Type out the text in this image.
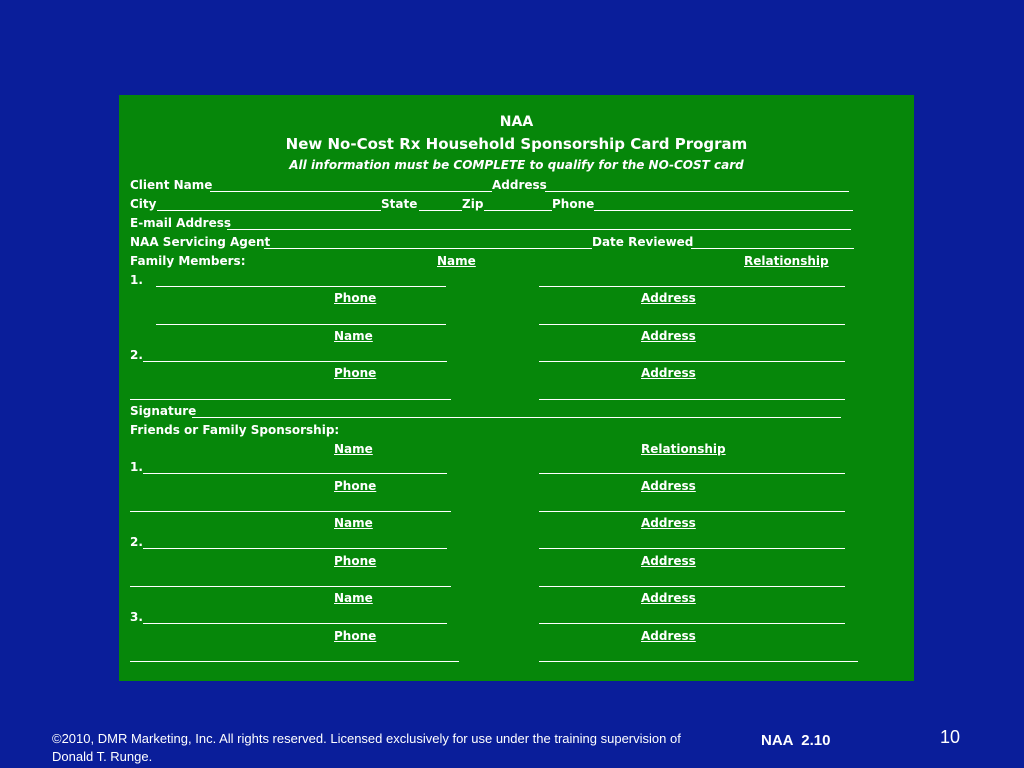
NAA
New No-Cost Rx Household Sponsorship Card Program
All information must be COMPLETE to qualify for the NO-COST card
Client Name	Address
City	State	Zip	Phone
E-mail Address
NAA Servicing Agent	Date Reviewed
Family Members:	Name	Relationship
1.
Phone	Address
Name	Address
2.
Phone	Address
Signature
Friends or Family Sponsorship:
Name	Relationship
1.
Phone	Address
Name	Address
2.
Phone	Address
Name	Address
3.
Phone	Address
©2010, DMR Marketing, Inc. All rights reserved. Licensed exclusively for use under the training supervision of Donald T. Runge.
NAA  2.10	10
